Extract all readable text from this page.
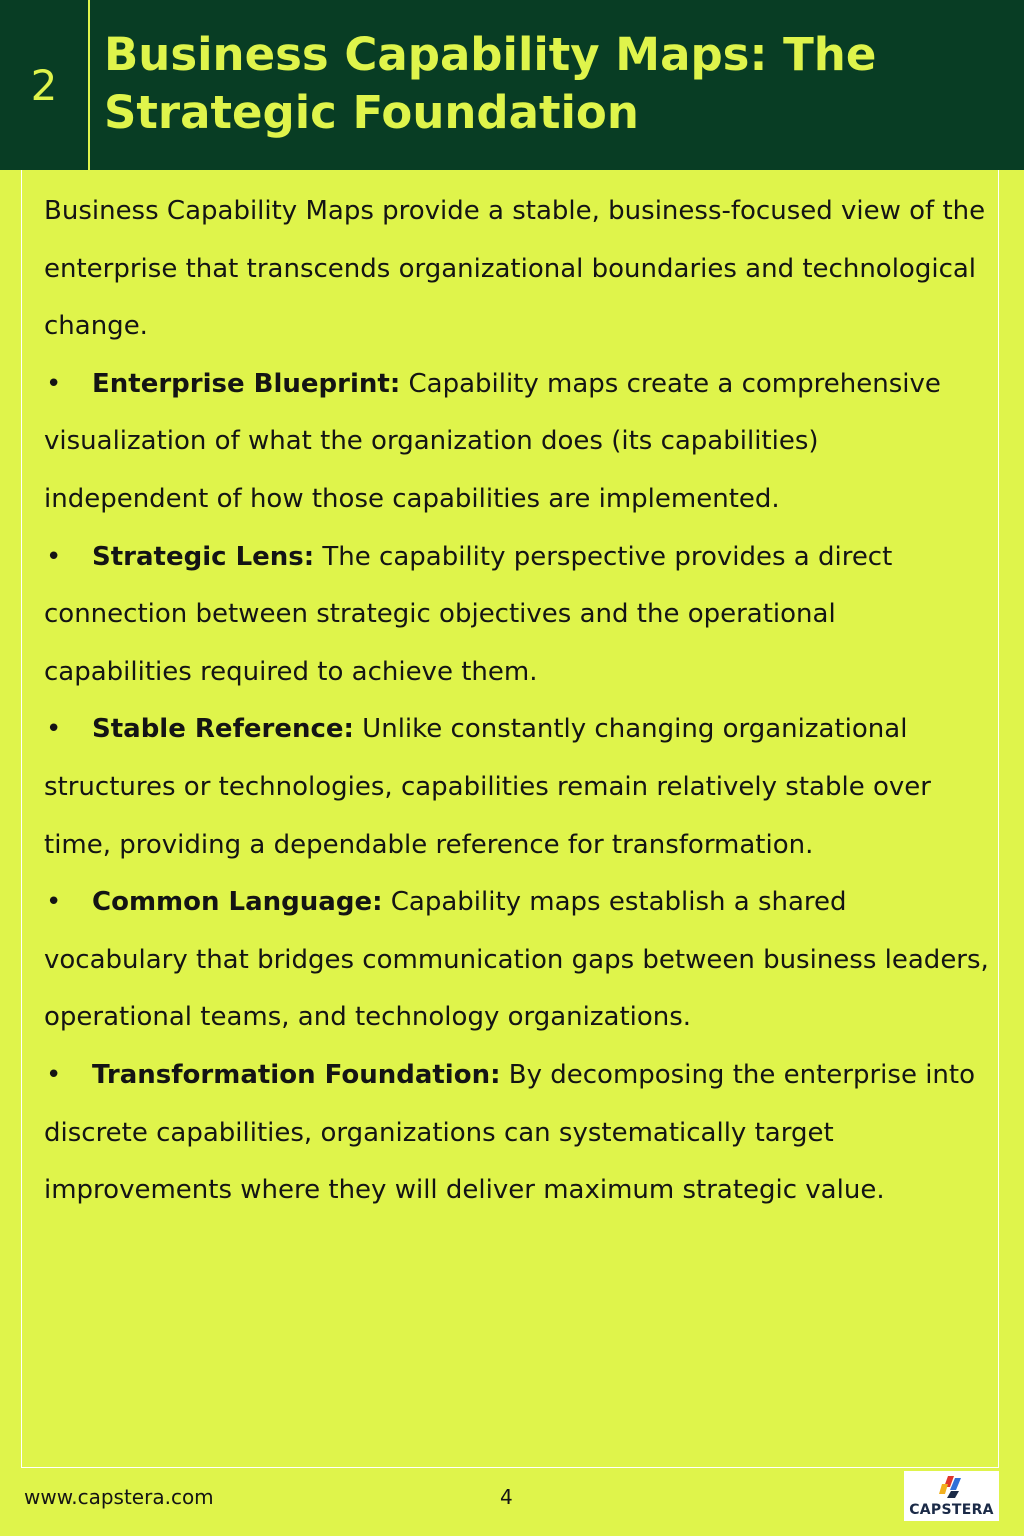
2
Business Capability Maps: The Strategic Foundation

Business Capability Maps provide a stable, business-focused view of the enterprise that transcends organizational boundaries and technological change.

• Enterprise Blueprint: Capability maps create a comprehensive visualization of what the organization does (its capabilities) independent of how those capabilities are implemented.
• Strategic Lens: The capability perspective provides a direct connection between strategic objectives and the operational capabilities required to achieve them.
• Stable Reference: Unlike constantly changing organizational structures or technologies, capabilities remain relatively stable over time, providing a dependable reference for transformation.
• Common Language: Capability maps establish a shared vocabulary that bridges communication gaps between business leaders, operational teams, and technology organizations.
• Transformation Foundation: By decomposing the enterprise into discrete capabilities, organizations can systematically target improvements where they will deliver maximum strategic value.
www.capstera.com	4
CAPSTERA
